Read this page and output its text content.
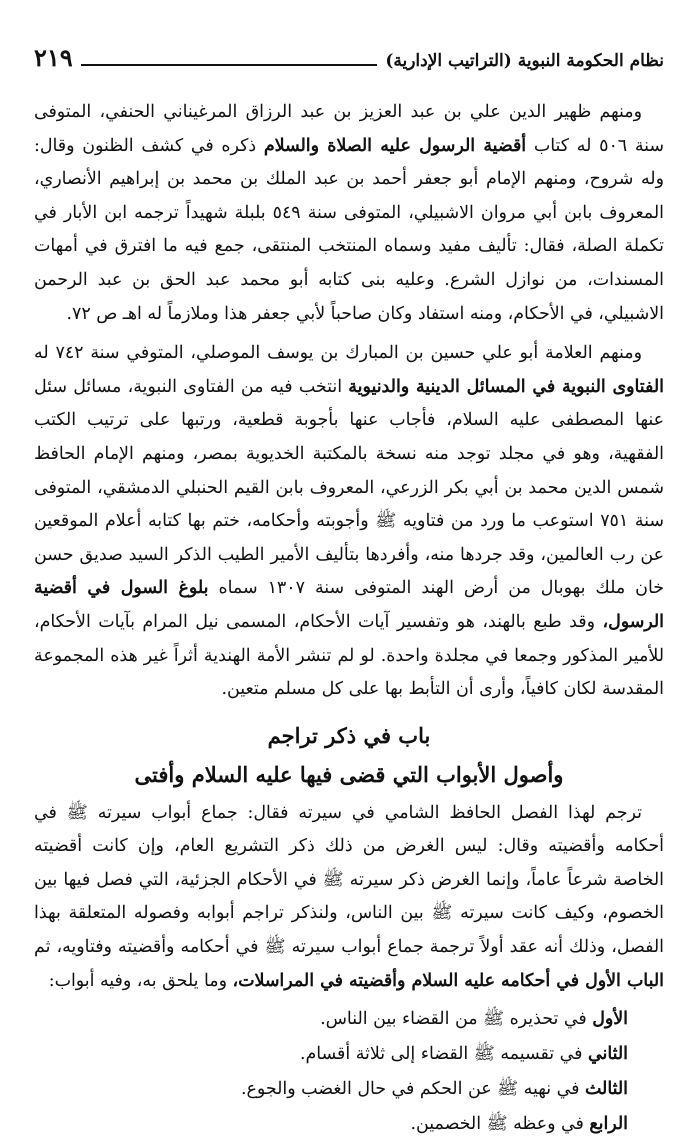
نظام الحكومة النبوية (التراتيب الإدارية)
٢١٩

ومنهم ظهير الدين علي بن عبد العزيز بن عبد الرزاق المرغيناني الحنفي، المتوفى سنة ٥٠٦ له كتاب أقضية الرسول عليه الصلاة والسلام ذكره في كشف الظنون وقال: وله شروح، ومنهم الإمام أبو جعفر أحمد بن عبد الملك بن محمد بن إبراهيم الأنصاري، المعروف بابن أبي مروان الاشبيلي، المتوفى سنة ٥٤٩ بلبلة شهيداً ترجمه ابن الأبار في تكملة الصلة، فقال: تأليف مفيد وسماه المنتخب المنتقى، جمع فيه ما افترق في أمهات المسندات، من نوازل الشرع. وعليه بنى كتابه أبو محمد عبد الحق بن عبد الرحمن الاشبيلي، في الأحكام، ومنه استفاد وكان صاحباً لأبي جعفر هذا وملازماً له اهـ ص ٧٢.

ومنهم العلامة أبو علي حسين بن المبارك بن يوسف الموصلي، المتوفي سنة ٧٤٢ له الفتاوى النبوية في المسائل الدينية والدنيوية انتخب فيه من الفتاوى النبوية، مسائل سئل عنها المصطفى عليه السلام، فأجاب عنها بأجوبة قطعية، ورتبها على ترتيب الكتب الفقهية، وهو في مجلد توجد منه نسخة بالمكتبة الخديوية بمصر، ومنهم الإمام الحافظ شمس الدين محمد بن أبي بكر الزرعي، المعروف بابن القيم الحنبلي الدمشقي، المتوفى سنة ٧٥١ استوعب ما ورد من فتاويه ﷺ وأجوبته وأحكامه، ختم بها كتابه أعلام الموقعين عن رب العالمين، وقد جردها منه، وأفردها بتأليف الأمير الطيب الذكر السيد صديق حسن خان ملك بهوبال من أرض الهند المتوفى سنة ١٣٠٧ سماه بلوغ السول في أقضية الرسول، وقد طبع بالهند، هو وتفسير آيات الأحكام، المسمى نيل المرام بآيات الأحكام، للأمير المذكور وجمعا في مجلدة واحدة. لو لم تنشر الأمة الهندية أثراً غير هذه المجموعة المقدسة لكان كافياً، وأرى أن التأبط بها على كل مسلم متعين.

باب في ذكر تراجم
وأصول الأبواب التي قضى فيها عليه السلام وأفتى

ترجم لهذا الفصل الحافظ الشامي في سيرته فقال: جماع أبواب سيرته ﷺ في أحكامه وأقضيته وقال: ليس الغرض من ذلك ذكر التشريع العام، وإن كانت أقضيته الخاصة شرعاً عاماً، وإنما الغرض ذكر سيرته ﷺ في الأحكام الجزئية، التي فصل فيها بين الخصوم، وكيف كانت سيرته ﷺ بين الناس، ولنذكر تراجم أبوابه وفصوله المتعلقة بهذا الفصل، وذلك أنه عقد أولاً ترجمة جماع أبواب سيرته ﷺ في أحكامه وأقضيته وفتاويه، ثم الباب الأول في أحكامه عليه السلام وأقضيته في المراسلات، وما يلحق به، وفيه أبواب:

الأول في تحذيره ﷺ من القضاء بين الناس.
الثاني في تقسيمه ﷺ القضاء إلى ثلاثة أقسام.
الثالث في نهيه ﷺ عن الحكم في حال الغضب والجوع.
الرابع في وعظه ﷺ الخصمين.
